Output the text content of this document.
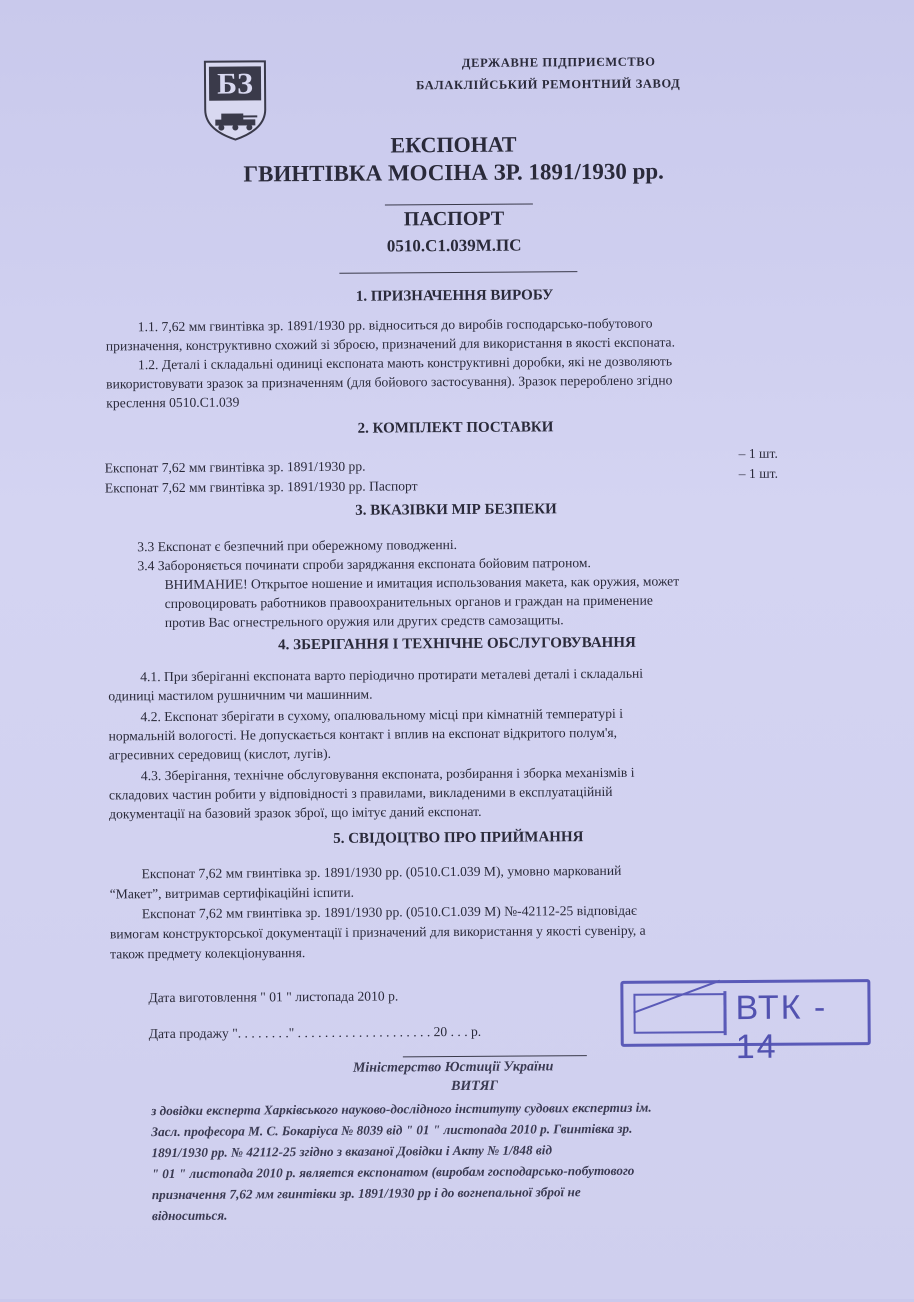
БЗ
ДЕРЖАВНЕ ПІДПРИЄМСТВО
БАЛАКЛІЙСЬКИЙ РЕМОНТНИЙ ЗАВОД
ЕКСПОНАТ
ГВИНТІВКА МОСІНА ЗР. 1891/1930 рр.
ПАСПОРТ
0510.С1.039М.ПС
1. ПРИЗНАЧЕННЯ ВИРОБУ
1.1. 7,62 мм гвинтівка зр. 1891/1930 рр. відноситься до виробів господарсько-побутового
призначення, конструктивно схожий зі зброєю, призначений для використання в якості експоната.
1.2. Деталі і складальні одиниці експоната мають конструктивні доробки, які не дозволяють
використовувати зразок за призначенням (для бойового застосування). Зразок перероблено згідно
креслення 0510.С1.039
2. КОМПЛЕКТ ПОСТАВКИ
Експонат 7,62 мм гвинтівка зр. 1891/1930 рр.
– 1 шт.
Експонат 7,62 мм гвинтівка зр. 1891/1930 рр. Паспорт
– 1 шт.
3. ВКАЗІВКИ МІР БЕЗПЕКИ
3.3 Експонат є безпечний при обережному поводженні.
3.4 Забороняється починати спроби заряджання експоната бойовим патроном.
ВНИМАНИЕ! Открытое ношение и имитация использования макета, как оружия, может
спровоцировать работников правоохранительных органов и граждан на применение
против Вас огнестрельного оружия или других средств самозащиты.
4. ЗБЕРІГАННЯ І ТЕХНІЧНЕ ОБСЛУГОВУВАННЯ
4.1. При зберіганні експоната варто періодично протирати металеві деталі і складальні
одиниці мастилом рушничним чи машинним.
4.2. Експонат зберігати в сухому, опалювальному місці при кімнатній температурі і
нормальній вологості. Не допускається контакт і вплив на експонат відкритого полум'я,
агресивних середовищ (кислот, лугів).
4.3. Зберігання, технічне обслуговування експоната, розбирання і зборка механізмів і
складових частин робити у відповідності з правилами, викладеними в експлуатаційній
документації на базовий зразок зброї, що імітує даний експонат.
5. СВІДОЦТВО ПРО ПРИЙМАННЯ
Експонат 7,62 мм гвинтівка зр. 1891/1930 рр. (0510.С1.039 М), умовно маркований
“Макет”, витримав сертифікаційні іспити.
Експонат 7,62 мм гвинтівка зр. 1891/1930 рр. (0510.С1.039 М) №-42112-25 відповідає
вимогам конструкторської документації і призначений для використання у якості сувеніру, а
також предмету колекціонування.
Дата виготовлення " 01 " листопада 2010 р.
Дата продажу ". . . . . . . ." . . . . . . . . . . . . . . . . . . . . 20 . . . р.
ВТК - 14
Міністерство Юстиції України
ВИТЯГ
з довідки експерта Харківського науково-дослідного інституту судових експертиз ім.
Засл. професора М. С. Бокаріуса № 8039 від " 01 " листопада 2010 р. Гвинтівка зр.
1891/1930 рр. № 42112-25 згідно з вказаної Довідки і Акту № 1/848 від
" 01 " листопада 2010 р. является експонатом (виробам господарсько-побутового
призначення 7,62 мм гвинтівки зр. 1891/1930 рр і до вогнепальної зброї не
відноситься.
